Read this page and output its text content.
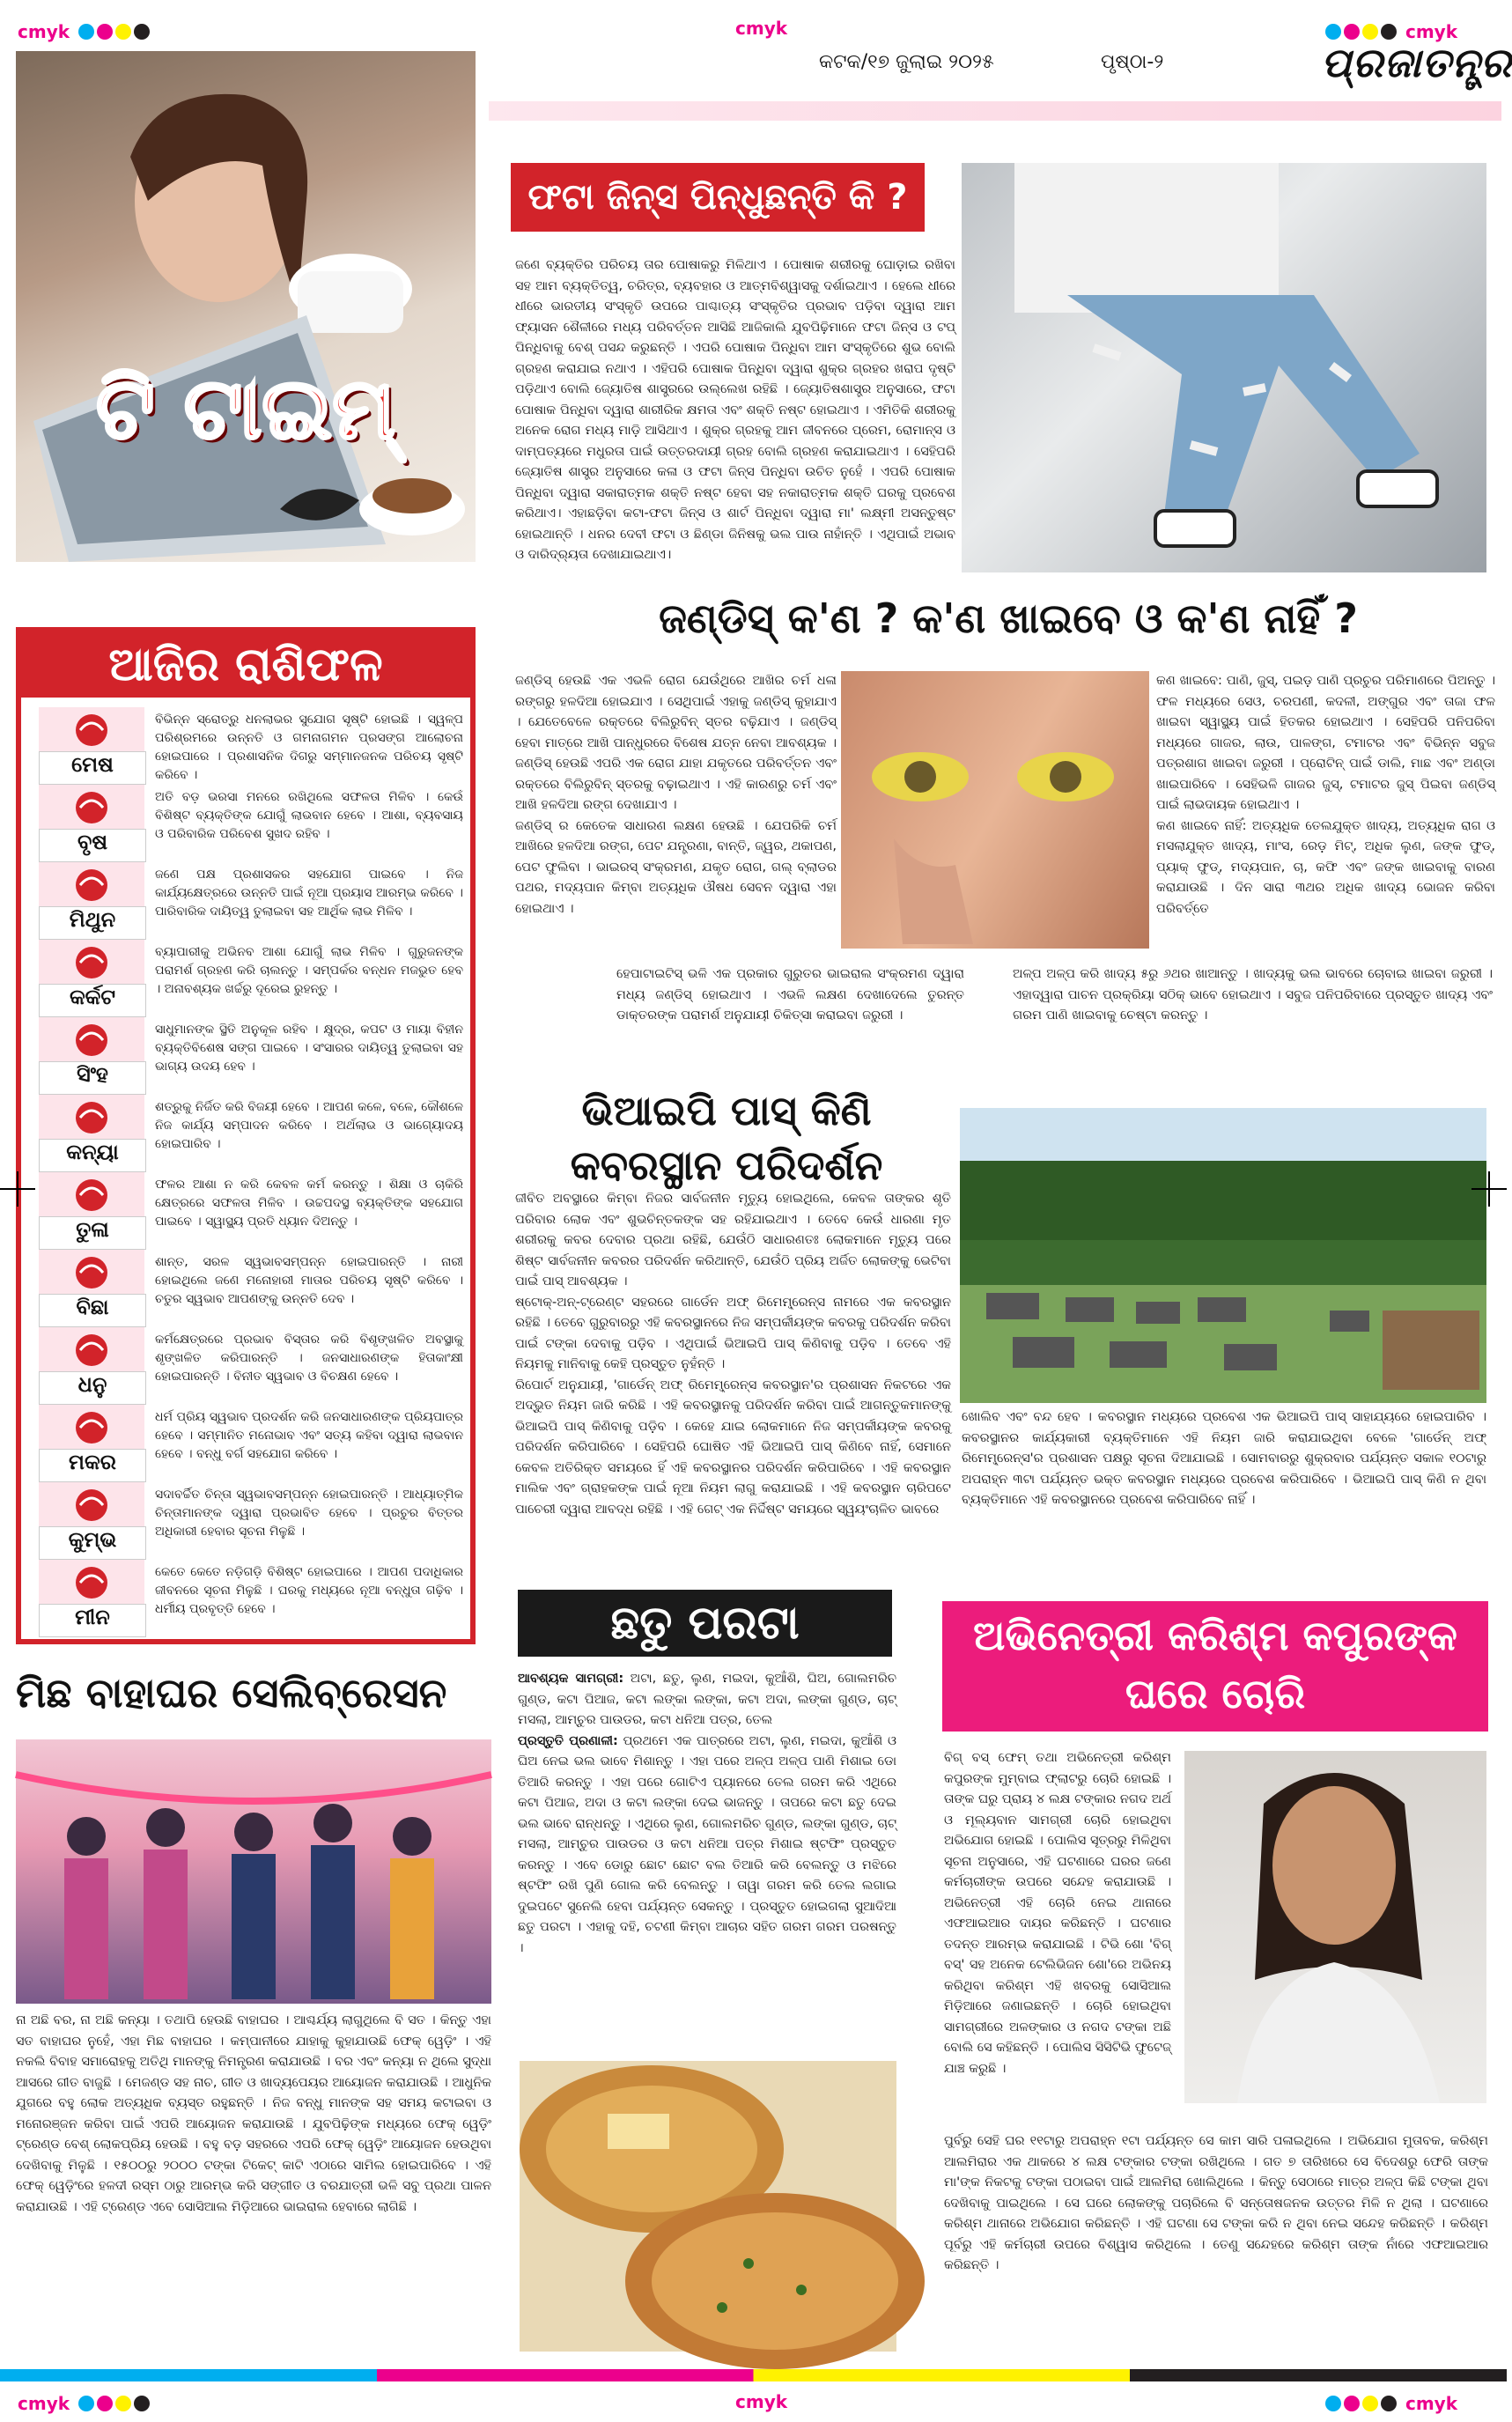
cmyk	cmyk	cmyk
କଟକ/୧୭ ଜୁଲାଇ ୨୦୨୫	ପୃଷ୍ଠା-୨	ପ୍ରଜାତନ୍ତ୍ର
ଟି ଟାଇମ୍
ଫଟା ଜିନ୍ସ ପିନ୍ଧୁଛନ୍ତି କି ?
ଜଣେ ବ୍ୟକ୍ତିର ପରିଚୟ ତାର ପୋଷାକରୁ ମିଳିଥାଏ । ପୋଷାକ ଶରୀରକୁ ଘୋଡ଼ାଇ ରଖିବା ସହ ଆମ ବ୍ୟକ୍ତିତ୍ୱ, ଚରିତ୍ର, ବ୍ୟବହାର ଓ ଆତ୍ମବିଶ୍ୱାସକୁ ଦର୍ଶାଇଥାଏ । ହେଲେ ଧୀରେ ଧୀରେ ଭାରତୀୟ ସଂସ୍କୃତି ଉପରେ ପାଶ୍ଚାତ୍ୟ ସଂସ୍କୃତିର ପ୍ରଭାବ ପଡ଼ିବା ଦ୍ୱାରା ଆମ ଫ୍ୟାସନ ଶୈଳୀରେ ମଧ୍ୟ ପରିବର୍ତ୍ତନ ଆସିଛି ଆଜିକାଲି ଯୁବପିଢ଼ିମାନେ ଫଟା ଜିନ୍ସ ଓ ଟପ୍ ପିନ୍ଧିବାକୁ ବେଶ୍ ପସନ୍ଦ କରୁଛନ୍ତି । ଏପରି ପୋଷାକ ପିନ୍ଧିବା ଆମ ସଂସ୍କୃତିରେ ଶୁଭ ବୋଲି ଗ୍ରହଣ କରାଯାଇ ନଥାଏ । ଏହିପରି ପୋଷାକ ପିନ୍ଧିବା ଦ୍ୱାରା ଶୁକ୍ର ଗ୍ରହର ଖରାପ ଦୃଷ୍ଟି ପଡ଼ିଥାଏ ବୋଲି ଜ୍ୟୋତିଷ ଶାସ୍ତ୍ରରେ ଉଲ୍ଲେଖ ରହିଛି । ଜ୍ୟୋତିଷଶାସ୍ତ୍ର ଅନୁସାରେ, ଫଟା ପୋଷାକ ପିନ୍ଧିବା ଦ୍ୱାରା ଶାରୀରିକ କ୍ଷମତା ଏବଂ ଶକ୍ତି ନଷ୍ଟ ହୋଇଥାଏ । ଏମିତିକି ଶରୀରକୁ ଅନେକ ରୋଗ ମଧ୍ୟ ମାଡ଼ି ଆସିଥାଏ । ଶୁକ୍ର ଗ୍ରହକୁ ଆମ ଜୀବନରେ ପ୍ରେମ, ରୋମାନ୍ସ ଓ ଦାମ୍ପତ୍ୟରେ ମଧୁରତା ପାଇଁ ଉତ୍ତରଦାୟୀ ଗ୍ରହ ବୋଲି ଗ୍ରହଣ କରାଯାଇଥାଏ । ସେହିପରି ଜ୍ୟୋତିଷ ଶାସ୍ତ୍ର ଅନୁସାରେ କଳା ଓ ଫଟା ଜିନ୍ସ ପିନ୍ଧିବା ଉଚିତ ନୁହେଁ । ଏପରି ପୋଷାକ ପିନ୍ଧିବା ଦ୍ୱାରା ସକାରାତ୍ମକ ଶକ୍ତି ନଷ୍ଟ ହେବା ସହ ନକାରାତ୍ମକ ଶକ୍ତି ଘରକୁ ପ୍ରବେଶ କରିଥାଏ। ଏହାଛଡ଼ିବା କଟା-ଫଟା ଜିନ୍ସ ଓ ଶାର୍ଟ ପିନ୍ଧିବା ଦ୍ୱାରା ମା' ଲକ୍ଷ୍ମୀ ଅସନ୍ତୁଷ୍ଟ ହୋଇଥାନ୍ତି । ଧନର ଦେବୀ ଫଟା ଓ ଛିଣ୍ଡା ଜିନିଷକୁ ଭଲ ପାଉ ନାହାଁନ୍ତି । ଏଥିପାଇଁ ଅଭାବ ଓ ଦାରିଦ୍ର୍ୟତା ଦେଖାଯାଇଥାଏ।
ଆଜିର ରାଶିଫଳ
ମେଷ
ବିଭିନ୍ନ ସ୍ରୋତ୍ରୁ ଧନଲାଭର ସୁଯୋଗ ସୃଷ୍ଟି ହୋଇଛି । ସ୍ୱଳ୍ପ ପରିଶ୍ରମରେ ଉନ୍ନତି ଓ ଗମନାଗମନ ପ୍ରସଙ୍ଗ ଆଲୋଚନା ହୋଇପାରେ । ପ୍ରଶାସନିକ ଦିଗରୁ ସମ୍ମାନଜନକ ପରିଚୟ ସୃଷ୍ଟି କରିବେ ।
ବୃଷ
ଅତି ବଡ଼ ଭରସା ମନରେ ରଖିଥିଲେ ସଫଳତା ମିଳିବ । କେଉଁ ବିଶିଷ୍ଟ ବ୍ୟକ୍ତିଙ୍କ ଯୋଗୁଁ ଲାଭବାନ ହେବେ । ଆଶା, ବ୍ୟବସାୟ ଓ ପରିବାରିକ ପରିବେଶ ସୁଖଦ ରହିବ ।
ମିଥୁନ
ଜଣେ ପକ୍ଷ ପ୍ରଶାସକର ସହଯୋଗ ପାଇବେ । ନିଜ କାର୍ଯ୍ୟକ୍ଷେତ୍ରରେ ଉନ୍ନତି ପାଇଁ ନୂଆ ପ୍ରୟାସ ଆରମ୍ଭ କରିବେ । ପାରିବାରିକ ଦାୟିତ୍ୱ ତୁଲାଇବା ସହ ଆର୍ଥିକ ଲାଭ ମିଳିବ ।
କର୍କଟ
ବ୍ୟାପାରୀକୁ ଅଭିନବ ଆଶା ଯୋଗୁଁ ଲାଭ ମିଳିବ । ଗୁରୁଜନଙ୍କ ପରାମର୍ଶ ଗ୍ରହଣ କରି ଚାଲନ୍ତୁ । ସମ୍ପର୍କର ବନ୍ଧନ ମଜଭୁତ ହେବ । ଅନାବଶ୍ୟକ ଖର୍ଚ୍ଚରୁ ଦୂରେଇ ରୁହନ୍ତୁ ।
ସିଂହ
ସାଧୁମାନଙ୍କ ସ୍ଥିତି ଅନୁକୂଳ ରହିବ । କ୍ଷୁଦ୍ର, କପଟ ଓ ମାୟା ବିହୀନ ବ୍ୟକ୍ତିବିଶେଷ ସଙ୍ଗ ପାଇବେ । ସଂସାରର ଦାୟିତ୍ୱ ତୁଲାଇବା ସହ ଭାଗ୍ୟ ଉଦୟ ହେବ ।
କନ୍ୟା
ଶତ୍ରୁକୁ ନିର୍ଜିତ କରି ବିଜୟୀ ହେବେ । ଆପଣ କଳେ, ବଳେ, କୌଶଳେ ନିଜ କାର୍ଯ୍ୟ ସମ୍ପାଦନ କରିବେ । ଅର୍ଥଲାଭ ଓ ଭାଗ୍ୟୋଦୟ ହୋଇପାରିବ ।
ତୁଳା
ଫଳର ଆଶା ନ କରି କେବଳ କର୍ମ କରନ୍ତୁ । ଶିକ୍ଷା ଓ ଚାକିରି କ୍ଷେତ୍ରରେ ସଫଳତା ମିଳିବ । ଉଚ୍ଚପଦସ୍ଥ ବ୍ୟକ୍ତିଙ୍କ ସହଯୋଗ ପାଇବେ । ସ୍ୱାସ୍ଥ୍ୟ ପ୍ରତି ଧ୍ୟାନ ଦିଅନ୍ତୁ ।
ବିଛା
ଶାନ୍ତ, ସରଳ ସ୍ୱଭାବସମ୍ପନ୍ନ ହୋଇପାରନ୍ତି । ନାରୀ ହୋଇଥିଲେ ଜଣେ ମନୋହାରୀ ମାତାର ପରିଚୟ ସୃଷ୍ଟି କରିବେ । ଚତୁର ସ୍ୱଭାବ ଆପଣଙ୍କୁ ଉନ୍ନତି ଦେବ ।
ଧନୁ
କର୍ମକ୍ଷେତ୍ରରେ ପ୍ରଭାବ ବିସ୍ତାର କରି ବିଶୃଙ୍ଖଳିତ ଅବସ୍ଥାକୁ ଶୃଙ୍ଖଳିତ କରିପାରନ୍ତି । ଜନସାଧାରଣଙ୍କ ହିତାକାଂକ୍ଷୀ ହୋଇପାରନ୍ତି । ବିନୀତ ସ୍ୱଭାବ ଓ ବିଚକ୍ଷଣ ହେବେ ।
ମକର
ଧର୍ମ ପ୍ରିୟ ସ୍ୱଭାବ ପ୍ରଦର୍ଶନ କରି ଜନସାଧାରଣଙ୍କ ପ୍ରିୟପାତ୍ର ହେବେ । ସମ୍ମାନିତ ମନୋଭାବ ଏବଂ ସତ୍ୟ କହିବା ଦ୍ୱାରା ଲାଭବାନ ହେବେ । ବନ୍ଧୁ ବର୍ଗ ସହଯୋଗ କରିବେ ।
କୁମ୍ଭ
ସଦାବର୍ଚ୍ଚିତ ଚିନ୍ତା ସ୍ୱଭାବସମ୍ପନ୍ନ ହୋଇପାରନ୍ତି । ଆଧ୍ୟାତ୍ମିକ ଚିନ୍ତାମାନଙ୍କ ଦ୍ୱାରା ପ୍ରଭାବିତ ହେବେ । ପ୍ରଚୁର ବିତ୍ତର ଅଧିକାରୀ ହେବାର ସୂଚନା ମିଳୁଛି ।
ମୀନ
କେତେ କେତେ ନଡ଼ିଗଡ଼ି ବିଶିଷ୍ଟ ହୋଇପାରେ । ଆପଣ ପଦାଧିକାର ଜୀବନରେ ସୂଚନା ମିଳୁଛି । ଘରକୁ ମଧ୍ୟରେ ନୂଆ ବନ୍ଧୁତା ଗଢ଼ିବ । ଧର୍ମୀୟ ପ୍ରବୃତ୍ତି ହେବେ ।
ଜଣ୍ଡିସ୍ କ'ଣ ? କ'ଣ ଖାଇବେ ଓ କ'ଣ ନାହିଁ ?
ଜଣ୍ଡିସ୍ ହେଉଛି ଏକ ଏଭଳି ରୋଗ ଯେଉଁଥିରେ ଆଖିର ଚର୍ମ ଧଳା ରଙ୍ଗରୁ ହଳଦିଆ ହୋଇଯାଏ । ସେଥିପାଇଁ ଏହାକୁ ଜଣ୍ଡିସ୍ କୁହାଯାଏ । ଯେତେବେଳେ ରକ୍ତରେ ବିଲିରୁବିନ୍ ସ୍ତର ବଢ଼ିଯାଏ । ଜଣ୍ଡିସ୍ ହେବା ମାତ୍ରେ ଆଖି ପାନ୍ଧୁରରେ ବିଶେଷ ଯତ୍ନ ନେବା ଆବଶ୍ୟକ । ଜଣ୍ଡିସ୍ ହେଉଛି ଏପରି ଏକ ରୋଗ ଯାହା ଯକୃତରେ ପରିବର୍ତ୍ତନ ଏବଂ ରକ୍ତରେ ବିଲିରୁବିନ୍ ସ୍ତରକୁ ବଢ଼ାଇଥାଏ । ଏହି କାରଣରୁ ଚର୍ମ ଏବଂ ଆଖି ହଳଦିଆ ରଙ୍ଗ ଦେଖାଯାଏ ।
ଜଣ୍ଡିସ୍ ର କେତେକ ସାଧାରଣ ଲକ୍ଷଣ ହେଉଛି । ଯେପରିକି ଚର୍ମ ଆଖିରେ ହଳଦିଆ ରଙ୍ଗ, ପେଟ ଯନ୍ତ୍ରଣା, ବାନ୍ତି, ଜ୍ୱର, ଥକାପଣ, ପେଟ ଫୁଲିବା । ଭାଇରସ୍ ସଂକ୍ରମଣ, ଯକୃତ ରୋଗ, ଗଲ୍ ବ୍ଲାଡର ପଥର, ମଦ୍ୟପାନ କିମ୍ବା ଅତ୍ୟଧିକ ଔଷଧ ସେବନ ଦ୍ୱାରା ଏହା ହୋଇଥାଏ ।
କଣ ଖାଇବେ: ପାଣି, ଜୁସ୍, ପଇଡ଼ ପାଣି ପ୍ରଚୁର ପରିମାଣରେ ପିଅନ୍ତୁ । ଫଳ ମଧ୍ୟରେ ସେଓ, ଚରପଣୀ, କଦଳୀ, ଅଙ୍ଗୁର ଏବଂ ତାଜା ଫଳ ଖାଇବା ସ୍ୱାସ୍ଥ୍ୟ ପାଇଁ ହିତକର ହୋଇଥାଏ । ସେହିପରି ପନିପରିବା ମଧ୍ୟରେ ଗାଜର, ଲାଉ, ପାଳଙ୍ଗ, ଟମାଟର ଏବଂ ବିଭିନ୍ନ ସବୁଜ ପତ୍ରଶାଗ ଖାଇବା ଜରୁରୀ । ପ୍ରୋଟିନ୍ ପାଇଁ ଡାଲି, ମାଛ ଏବଂ ଅଣ୍ଡା ଖାଇପାରିବେ । ସେହିଭଳି ଗାଜର ଜୁସ୍, ଟମାଟର ଜୁସ୍ ପିଇବା ଜଣ୍ଡିସ୍ ପାଇଁ ଲାଭଦାୟକ ହୋଇଥାଏ ।
କଣ ଖାଇବେ ନାହିଁ: ଅତ୍ୟଧିକ ତେଲଯୁକ୍ତ ଖାଦ୍ୟ, ଅତ୍ୟଧିକ ରାଗ ଓ ମସଲାଯୁକ୍ତ ଖାଦ୍ୟ, ମାଂସ, ରେଡ଼ ମିଟ୍, ଅଧିକ ଲୁଣ, ଜଙ୍କ ଫୁଡ୍, ପ୍ୟାକ୍ ଫୁଡ୍, ମଦ୍ୟପାନ, ଚା, କଫି ଏବଂ ଜଙ୍କ ଖାଇବାକୁ ବାରଣ କରାଯାଉଛି । ଦିନ ସାରା ୩ଥର ଅଧିକ ଖାଦ୍ୟ ଭୋଜନ କରିବା ପରିବର୍ତ୍ତେ
ହେପାଟାଇଟିସ୍ ଭଳି ଏକ ପ୍ରକାର ଗୁରୁତର ଭାଇରାଲ ସଂକ୍ରମଣ ଦ୍ୱାରା ମଧ୍ୟ ଜଣ୍ଡିସ୍ ହୋଇଥାଏ । ଏଭଳି ଲକ୍ଷଣ ଦେଖାଦେଲେ ତୁରନ୍ତ ଡାକ୍ତରଙ୍କ ପରାମର୍ଶ ଅନୁଯାୟୀ ଚିକିତ୍ସା କରାଇବା ଜରୁରୀ ।
ଅଳ୍ପ ଅଳ୍ପ କରି ଖାଦ୍ୟ ୫ରୁ ୬ଥର ଖାଆନ୍ତୁ । ଖାଦ୍ୟକୁ ଭଲ ଭାବରେ ଚୋବାଇ ଖାଇବା ଜରୁରୀ । ଏହାଦ୍ୱାରା ପାଚନ ପ୍ରକ୍ରିୟା ସଠିକ୍ ଭାବେ ହୋଇଥାଏ । ସବୁଜ ପନିପରିବାରେ ପ୍ରସ୍ତୁତ ଖାଦ୍ୟ ଏବଂ ଗରମ ପାଣି ଖାଇବାକୁ ଚେଷ୍ଟା କରନ୍ତୁ ।
ଭିଆଇପି ପାସ୍ କିଣି
କବରସ୍ଥାନ ପରିଦର୍ଶନ
ଜୀବିତ ଅବସ୍ଥାରେ କିମ୍ବା ନିଜର ସାର୍ବଜନୀନ ମୃତ୍ୟୁ ହୋଇଥିଲେ, କେବଳ ତାଙ୍କର ଶୃତି ପରିବାର ଲୋକ ଏବଂ ଶୁଭଚିନ୍ତକଙ୍କ ସହ ରହିଯାଇଥାଏ । ତେବେ କେଉଁ ଧାରଣା ମୃତ ଶରୀରକୁ କବର ଦେବାର ପ୍ରଥା ରହିଛି, ଯେଉଁଠି ସାଧାରଣତଃ ଲୋକମାନେ ମୃତ୍ୟୁ ପରେ ଶିଷ୍ଟ ସାର୍ବଜନୀନ କବରର ପରିଦର୍ଶନ କରିଥାନ୍ତି, ଯେଉଁଠି ପ୍ରିୟ ଅର୍ଜିତ ଲୋକଙ୍କୁ ଭେଟିବା ପାଇଁ ପାସ୍ ଆବଶ୍ୟକ ।
ଷ୍ଟୋକ୍-ଅନ୍-ଟ୍ରେଣ୍ଟ ସହରରେ ଗାର୍ଡେନ ଅଫ୍ ରିମେମ୍ବ୍ରେନ୍ସ ନାମରେ ଏକ କବରସ୍ଥାନ ରହିଛି । ତେବେ ଗୁରୁବାରରୁ ଏହି କବରସ୍ଥାନରେ ନିଜ ସମ୍ପର୍କୀୟଙ୍କ କବରକୁ ପରିଦର୍ଶନ କରିବା ପାଇଁ ଟଙ୍କା ଦେବାକୁ ପଡ଼ିବ । ଏଥିପାଇଁ ଭିଆଇପି ପାସ୍ କିଣିବାକୁ ପଡ଼ିବ । ତେବେ ଏହି ନିୟମକୁ ମାନିବାକୁ କେହି ପ୍ରସ୍ତୁତ ନୁହଁନ୍ତି ।
ରିପୋର୍ଟ ଅନୁଯାୟୀ, 'ଗାର୍ଡେନ୍ ଅଫ୍ ରିମେମ୍ବ୍ରେନ୍ସ କବରସ୍ଥାନ'ର ପ୍ରଶାସନ ନିକଟରେ ଏକ ଅଦ୍ଭୁତ ନିୟମ ଜାରି କରିଛି । ଏହି କବରସ୍ଥାନକୁ ପରିଦର୍ଶନ କରିବା ପାଇଁ ଆଗନ୍ତୁକମାନଙ୍କୁ ଭିଆଇପି ପାସ୍ କିଣିବାକୁ ପଡ଼ିବ । କେହେ ଯାଇ ଲୋକମାନେ ନିଜ ସମ୍ପର୍କୀୟଙ୍କ କବରକୁ ପରିଦର୍ଶନ କରିପାରିବେ । ସେହିପରି ଘୋଷିତ ଏହି ଭିଆଇପି ପାସ୍ କିଣିବେ ନାହିଁ, ସେମାନେ କେବଳ ଅତିରିକ୍ତ ସମୟରେ ହିଁ ଏହି କବରସ୍ଥାନର ପରିଦର୍ଶନ କରିପାରିବେ । ଏହି କବରସ୍ଥାନ ମାଲିକ ଏବଂ ଗ୍ରାହକଙ୍କ ପାଇଁ ନୂଆ ନିୟମ ଲାଗୁ କରାଯାଇଛି । ଏହି କବରସ୍ଥାନ ଚାରିପଟେ ପାଚେରୀ ଦ୍ୱାରା ଆବଦ୍ଧ ରହିଛି । ଏହି ଗେଟ୍ ଏକ ନିର୍ଦ୍ଦିଷ୍ଟ ସମୟରେ ସ୍ୱୟଂଚାଳିତ ଭାବରେ
ଖୋଲିବ ଏବଂ ବନ୍ଦ ହେବ । କବରସ୍ଥାନ ମଧ୍ୟରେ ପ୍ରବେଶ ଏକ ଭିଆଇପି ପାସ୍ ସାହାଯ୍ୟରେ ହୋଇପାରିବ । କବରସ୍ଥାନର କାର୍ଯ୍ୟକାରୀ ବ୍ୟକ୍ତିମାନେ ଏହି ନିୟମ ଜାରି କରାଯାଇଥିବା ବେଳେ 'ଗାର୍ଡେନ୍ ଅଫ୍ ରିମେମ୍ବ୍ରେନ୍ସ'ର ପ୍ରଶାସନ ପକ୍ଷରୁ ସୂଚନା ଦିଆଯାଇଛି । ସୋମବାରରୁ ଶୁକ୍ରବାର ପର୍ଯ୍ୟନ୍ତ ସକାଳ ୧୦ଟାରୁ ଅପରାହ୍ନ ୩ଟା ପର୍ଯ୍ୟନ୍ତ ଭକ୍ତ କବରସ୍ଥାନ ମଧ୍ୟରେ ପ୍ରବେଶ କରିପାରିବେ । ଭିଆଇପି ପାସ୍ କିଣି ନ ଥିବା ବ୍ୟକ୍ତିମାନେ ଏହି କବରସ୍ଥାନରେ ପ୍ରବେଶ କରିପାରିବେ ନାହିଁ ।
ମିଛ ବାହାଘର ସେଲିବ୍ରେସନ
ନା ଅଛି ବର, ନା ଅଛି କନ୍ୟା । ତଥାପି ହେଉଛି ବାହାଘର । ଆଶ୍ଚର୍ଯ୍ୟ ଲାଗୁଥିଲେ ବି ସତ । କିନ୍ତୁ ଏହା ସତ ବାହାଘର ନୁହେଁ, ଏହା ମିଛ ବାହାଘର । କମ୍ପାନୀରେ ଯାହାକୁ କୁହାଯାଉଛି ଫେକ୍ ୱେଡ଼ିଂ । ଏହି ନକଲି ବିବାହ ସମାରୋହକୁ ଅତିଥି ମାନଙ୍କୁ ନିମନ୍ତ୍ରଣ କରାଯାଉଛି । ବର ଏବଂ କନ୍ୟା ନ ଥିଲେ ସୁଦ୍ଧା ଆସରେ ଗୀତ ବାଜୁଛି । ମେଜଣ୍ଡ ସହ ନାଚ, ଗୀତ ଓ ଖାଦ୍ୟପେୟର ଆୟୋଜନ କରାଯାଉଛି । ଆଧୁନିକ ଯୁଗରେ ବହୁ ଲୋକ ଅତ୍ୟଧିକ ବ୍ୟସ୍ତ ରହୁଛନ୍ତି । ନିଜ ବନ୍ଧୁ ମାନଙ୍କ ସହ ସମୟ କଟାଇବା ଓ ମନୋରଞ୍ଜନ କରିବା ପାଇଁ ଏପରି ଆୟୋଜନ କରାଯାଉଛି । ଯୁବପିଢ଼ିଙ୍କ ମଧ୍ୟରେ ଫେକ୍ ୱେଡ଼ିଂ ଟ୍ରେଣ୍ଡ ବେଶ୍ ଲୋକପ୍ରିୟ ହେଉଛି । ବହୁ ବଡ଼ ସହରରେ ଏପରି ଫେକ୍ ୱେଡ଼ିଂ ଆୟୋଜନ ହେଉଥିବା ଦେଖିବାକୁ ମିଳୁଛି । ୧୫୦୦ରୁ ୨୦୦୦ ଟଙ୍କା ଟିକେଟ୍ କାଟି ଏଠାରେ ସାମିଲ ହୋଇପାରିବେ । ଏହି ଫେକ୍ ୱେଡ଼ିଂରେ ହଳଦୀ ରସ୍ମ ଠାରୁ ଆରମ୍ଭ କରି ସଙ୍ଗୀତ ଓ ବରଯାତ୍ରୀ ଭଳି ସବୁ ପ୍ରଥା ପାଳନ କରାଯାଉଛି । ଏହି ଟ୍ରେଣ୍ଡ ଏବେ ସୋସିଆଲ ମିଡ଼ିଆରେ ଭାଇରାଲ ହେବାରେ ଲାଗିଛି ।
ଛତୁ ପରଟା
ଆବଶ୍ୟକ ସାମଗ୍ରୀ: ଅଟା, ଛତୁ, ଲୁଣ, ମଇଦା, କୁଆଁଶି, ଘିଅ, ଗୋଲମରିଚ ଗୁଣ୍ଡ, କଟା ପିଆଜ, କଟା ଲଙ୍କା ଲଙ୍କା, କଟା ଅଦା, ଲଙ୍କା ଗୁଣ୍ଡ, ଚାଟ୍ ମସଲା, ଆମ୍ଚୁର ପାଉଡର, କଟା ଧନିଆ ପତ୍ର, ତେଲ
ପ୍ରସ୍ତୁତି ପ୍ରଣାଳୀ: ପ୍ରଥମେ ଏକ ପାତ୍ରରେ ଅଟା, ଲୁଣ, ମଇଦା, କୁଆଁଶି ଓ ଘିଅ ନେଇ ଭଲ ଭାବେ ମିଶାନ୍ତୁ । ଏହା ପରେ ଅଳ୍ପ ଅଳ୍ପ ପାଣି ମିଶାଇ ଡୋ ତିଆରି କରନ୍ତୁ । ଏହା ପରେ ଗୋଟିଏ ପ୍ୟାନରେ ତେଲ ଗରମ କରି ଏଥିରେ କଟା ପିଆଜ, ଅଦା ଓ କଟା ଲଙ୍କା ଦେଇ ଭାଜନ୍ତୁ । ତାପରେ କଟା ଛତୁ ଦେଇ ଭଲ ଭାବେ ରାନ୍ଧନ୍ତୁ । ଏଥିରେ ଲୁଣ, ଗୋଲମରିଚ ଗୁଣ୍ଡ, ଲଙ୍କା ଗୁଣ୍ଡ, ଚାଟ୍ ମସଲା, ଆମ୍ଚୁର ପାଉଡର ଓ କଟା ଧନିଆ ପତ୍ର ମିଶାଇ ଷ୍ଟଫିଂ ପ୍ରସ୍ତୁତ କରନ୍ତୁ । ଏବେ ଡୋରୁ ଛୋଟ ଛୋଟ ବଲ ତିଆରି କରି ବେଲନ୍ତୁ ଓ ମଝିରେ ଷ୍ଟଫିଂ ରଖି ପୁଣି ଗୋଲ କରି ବେଲନ୍ତୁ । ତାୱା ଗରମ କରି ତେଲ ଲଗାଇ ଦୁଇପଟେ ସୁନେଲି ହେବା ପର୍ଯ୍ୟନ୍ତ ସେକନ୍ତୁ । ପ୍ରସ୍ତୁତ ହୋଇଗଲା ସୁଆଦିଆ ଛତୁ ପରଟା । ଏହାକୁ ଦହି, ଚଟଣୀ କିମ୍ବା ଆଚାର ସହିତ ଗରମ ଗରମ ପରଷନ୍ତୁ ।
ଅଭିନେତ୍ରୀ କରିଶ୍ମ କପୁରଙ୍କ
ଘରେ ଚୋରି
ବିଗ୍ ବସ୍ ଫେମ୍ ତଥା ଅଭିନେତ୍ରୀ କରିଶ୍ମ କପୁରଙ୍କ ମୁମ୍ବାଇ ଫ୍ଲାଟରୁ ଚୋରି ହୋଇଛି । ତାଙ୍କ ଘରୁ ପ୍ରାୟ ୪ ଲକ୍ଷ ଟଙ୍କାର ନଗଦ ଅର୍ଥ ଓ ମୂଲ୍ୟବାନ ସାମଗ୍ରୀ ଚୋରି ହୋଇଥିବା ଅଭିଯୋଗ ହୋଇଛି । ପୋଲିସ ସୂତ୍ରରୁ ମିଳିଥିବା ସୂଚନା ଅନୁସାରେ, ଏହି ଘଟଣାରେ ଘରର ଜଣେ କର୍ମଚାରୀଙ୍କ ଉପରେ ସନ୍ଦେହ କରାଯାଉଛି । ଅଭିନେତ୍ରୀ ଏହି ଚୋରି ନେଇ ଥାନାରେ ଏଫଆଇଆର ଦାୟର କରିଛନ୍ତି । ଘଟଣାର ତଦନ୍ତ ଆରମ୍ଭ କରାଯାଇଛି । ଟିଭି ଶୋ 'ବିଗ୍ ବସ୍' ସହ ଅନେକ ଟେଲିଭିଜନ ଶୋ'ରେ ଅଭିନୟ କରିଥିବା କରିଶ୍ମ ଏହି ଖବରକୁ ସୋସିଆଲ ମିଡ଼ିଆରେ ଜଣାଇଛନ୍ତି । ଚୋରି ହୋଇଥିବା ସାମଗ୍ରୀରେ ଅଳଙ୍କାର ଓ ନଗଦ ଟଙ୍କା ଅଛି ବୋଲି ସେ କହିଛନ୍ତି । ପୋଲିସ ସିସିଟିଭି ଫୁଟେଜ୍ ଯାଞ୍ଚ କରୁଛି ।
ପୁର୍ବରୁ ସେହି ଘର ୧୧ଟାରୁ ଅପରାହ୍ନ ୧ଟା ପର୍ଯ୍ୟନ୍ତ ସେ କାମ ସାରି ପଳାଇଥିଲେ । ଅଭିଯୋଗ ମୁତାବକ, କରିଶ୍ମ ଆଲମିରାର ଏକ ଥାକରେ ୪ ଲକ୍ଷ ଟଙ୍କାର ଟଙ୍କା ରଖିଥିଲେ । ଗତ ୭ ତାରିଖରେ ସେ ବିଦେଶରୁ ଫେରି ତାଙ୍କ ମା'ଙ୍କ ନିକଟକୁ ଟଙ୍କା ପଠାଇବା ପାଇଁ ଆଲମିରା ଖୋଲିଥିଲେ । କିନ୍ତୁ ସେଠାରେ ମାତ୍ର ଅଳ୍ପ କିଛି ଟଙ୍କା ଥିବା ଦେଖିବାକୁ ପାଇଥିଲେ । ସେ ଘରେ ଲୋକଙ୍କୁ ପଚାରିଲେ ବି ସନ୍ତୋଷଜନକ ଉତ୍ତର ମିଳି ନ ଥିଲା । ଘଟଣାରେ କରିଶ୍ମ ଥାନାରେ ଅଭିଯୋଗ କରିଛନ୍ତି । ଏହି ଘଟଣା ସେ ଟଙ୍କା କରି ନ ଥିବା ନେଇ ସନ୍ଦେହ କରିଛନ୍ତି । କରିଶ୍ମ ପୂର୍ବରୁ ଏହି କର୍ମଚାରୀ ଉପରେ ବିଶ୍ୱାସ କରିଥିଲେ । ତେଣୁ ସନ୍ଦେହରେ କରିଶ୍ମ ତାଙ୍କ ନାଁରେ ଏଫଆଇଆର କରିଛନ୍ତି ।
cmyk	cmyk	cmyk
